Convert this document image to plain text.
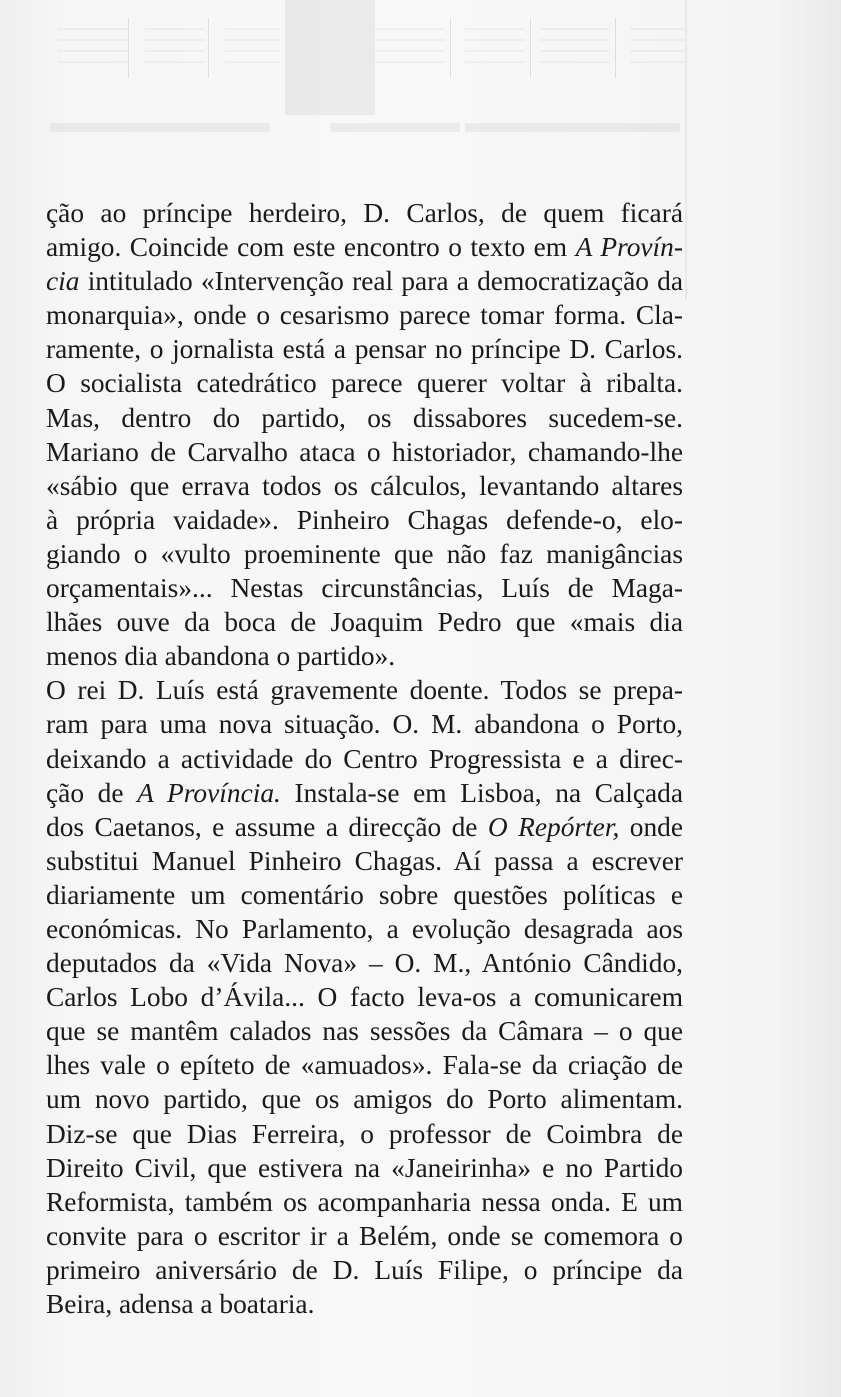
ção ao príncipe herdeiro, D. Carlos, de quem ficará
amigo. Coincide com este encontro o texto em A Provín-
cia intitulado «Intervenção real para a democratização da
monarquia», onde o cesarismo parece tomar forma. Cla-
ramente, o jornalista está a pensar no príncipe D. Carlos.
O socialista catedrático parece querer voltar à ribalta.
Mas, dentro do partido, os dissabores sucedem-se.
Mariano de Carvalho ataca o historiador, chamando-lhe
«sábio que errava todos os cálculos, levantando altares
à própria vaidade». Pinheiro Chagas defende-o, elo-
giando o «vulto proeminente que não faz manigâncias
orçamentais»... Nestas circunstâncias, Luís de Maga-
lhães ouve da boca de Joaquim Pedro que «mais dia
menos dia abandona o partido».
O rei D. Luís está gravemente doente. Todos se prepa-
ram para uma nova situação. O. M. abandona o Porto,
deixando a actividade do Centro Progressista e a direc-
ção de A Província. Instala-se em Lisboa, na Calçada
dos Caetanos, e assume a direcção de O Repórter, onde
substitui Manuel Pinheiro Chagas. Aí passa a escrever
diariamente um comentário sobre questões políticas e
económicas. No Parlamento, a evolução desagrada aos
deputados da «Vida Nova» – O. M., António Cândido,
Carlos Lobo d’Ávila... O facto leva-os a comunicarem
que se mantêm calados nas sessões da Câmara – o que
lhes vale o epíteto de «amuados». Fala-se da criação de
um novo partido, que os amigos do Porto alimentam.
Diz-se que Dias Ferreira, o professor de Coimbra de
Direito Civil, que estivera na «Janeirinha» e no Partido
Reformista, também os acompanharia nessa onda. E um
convite para o escritor ir a Belém, onde se comemora o
primeiro aniversário de D. Luís Filipe, o príncipe da
Beira, adensa a boataria.
